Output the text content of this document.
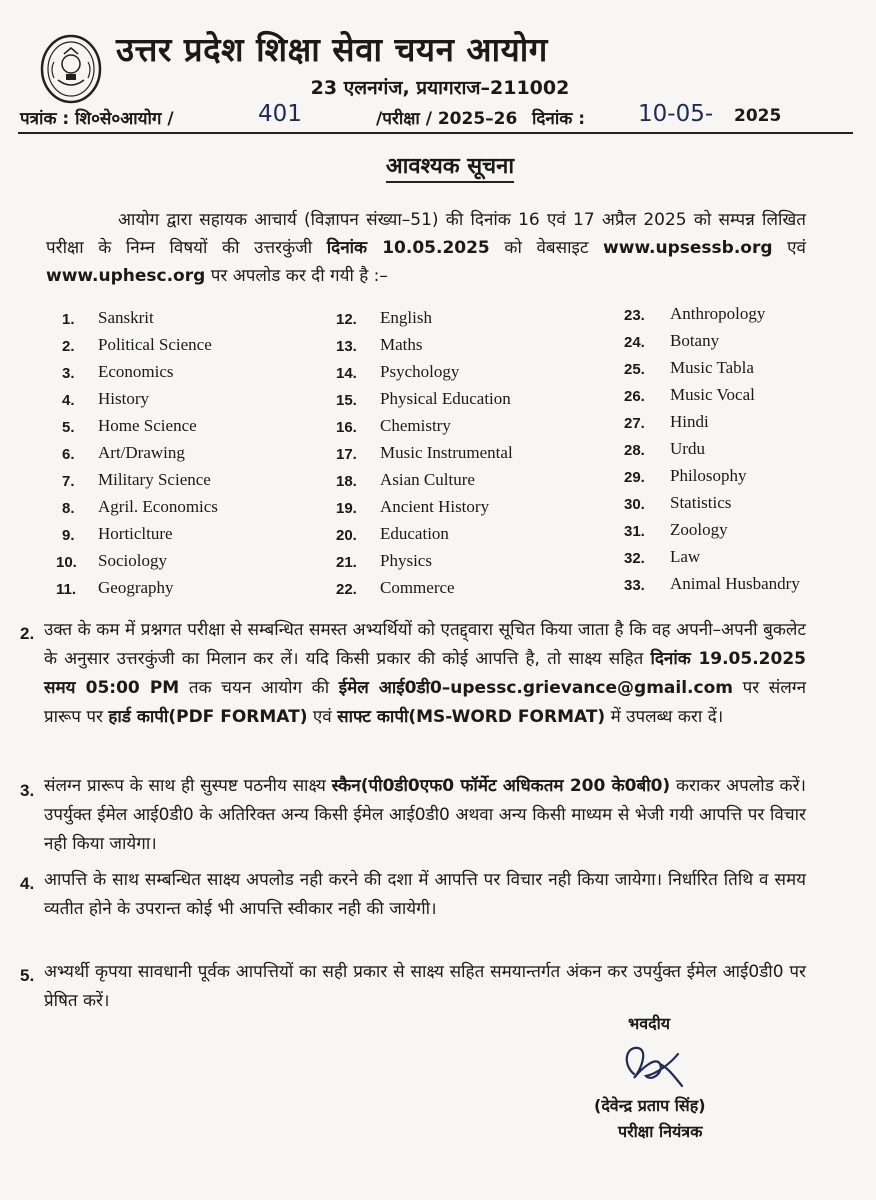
उत्तर प्रदेश शिक्षा सेवा चयन आयोग
23 एलनगंज, प्रयागराज–211002
पत्रांक : शि०से०आयोग /	401	/परीक्षा / 2025–26 दिनांक : 10-05- 2025
आवश्यक सूचना
आयोग द्वारा सहायक आचार्य (विज्ञापन संख्या–51) की दिनांक 16 एवं 17 अप्रैल 2025 को सम्पन्न लिखित परीक्षा के निम्न विषयों की उत्तरकुंजी दिनांक 10.05.2025 को वेबसाइट www.upsessb.org एवं www.uphesc.org पर अपलोड कर दी गयी है :–
1. Sanskrit
2. Political Science
3. Economics
4. History
5. Home Science
6. Art/Drawing
7. Military Science
8. Agril. Economics
9. Horticlture
10. Sociology
11. Geography
12. English
13. Maths
14. Psychology
15. Physical Education
16. Chemistry
17. Music Instrumental
18. Asian Culture
19. Ancient History
20. Education
21. Physics
22. Commerce
23. Anthropology
24. Botany
25. Music Tabla
26. Music Vocal
27. Hindi
28. Urdu
29. Philosophy
30. Statistics
31. Zoology
32. Law
33. Animal Husbandry
2. उक्त के कम में प्रश्नगत परीक्षा से सम्बन्धित समस्त अभ्यर्थियों को एतद्द्वारा सूचित किया जाता है कि वह अपनी–अपनी बुकलेट के अनुसार उत्तरकुंजी का मिलान कर लें। यदि किसी प्रकार की कोई आपत्ति है, तो साक्ष्य सहित दिनांक 19.05.2025 समय 05:00 PM तक चयन आयोग की ईमेल आई0डी0–upessc.grievance@gmail.com पर संलग्न प्रारूप पर हार्ड कापी(PDF FORMAT) एवं साफ्ट कापी(MS-WORD FORMAT) में उपलब्ध करा दें।
3. संलग्न प्रारूप के साथ ही सुस्पष्ट पठनीय साक्ष्य स्कैन(पी0डी0एफ0 फॉर्मेट अधिकतम 200 के0बी0) कराकर अपलोड करें। उपर्युक्त ईमेल आई0डी0 के अतिरिक्त अन्य किसी ईमेल आई0डी0 अथवा अन्य किसी माध्यम से भेजी गयी आपत्ति पर विचार नही किया जायेगा।
4. आपत्ति के साथ सम्बन्धित साक्ष्य अपलोड नही करने की दशा में आपत्ति पर विचार नही किया जायेगा। निर्धारित तिथि व समय व्यतीत होने के उपरान्त कोई भी आपत्ति स्वीकार नही की जायेगी।
5. अभ्यर्थी कृपया सावधानी पूर्वक आपत्तियों का सही प्रकार से साक्ष्य सहित समयान्तर्गत अंकन कर उपर्युक्त ईमेल आई0डी0 पर प्रेषित करें।
भवदीय
(देवेन्द्र प्रताप सिंह)
परीक्षा नियंत्रक
